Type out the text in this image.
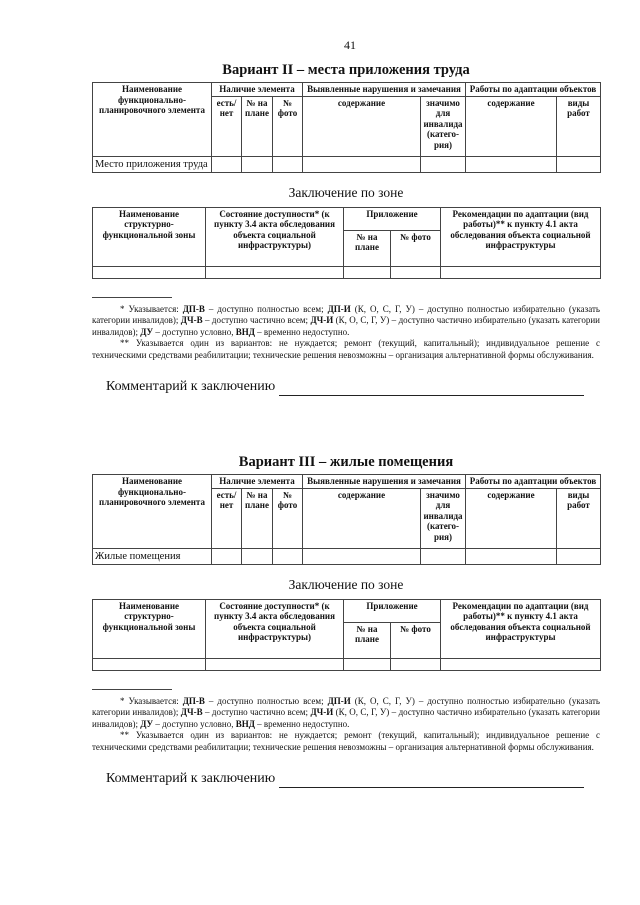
41
Вариант II – места приложения труда
Наименование функционально-планировочного элемента	Наличие элемента			Выявленные нарушения и замечания		Работы по адаптации объектов	
	есть/ нет	№ на плане	№ фото	содержание	значимо для инвалида (катего-рия)	содержание	виды работ
Место приложения труда							
Заключение по зоне
Наименование структурно-функциональной зоны	Состояние доступности* (к пункту 3.4 акта обследования объекта социальной инфраструктуры)	Приложение		Рекомендации по адаптации (вид работы)** к пункту 4.1 акта обследования объекта социальной инфраструктуры
		№ на плане	№ фото	

* Указывается: ДП-В – доступно полностью всем; ДП-И (К, О, С, Г, У) – доступно полностью избирательно (указать категории инвалидов); ДЧ-В – доступно частично всем; ДЧ-И (К, О, С, Г, У) – доступно частично избирательно (указать категории инвалидов); ДУ – доступно условно, ВНД – временно недоступно.

** Указывается один из вариантов: не нуждается; ремонт (текущий, капитальный); индивидуальное решение с техническими средствами реабилитации; технические решения невозможны – организация альтернативной формы обслуживания.

Комментарий к заключению
Вариант III – жилые помещения
Наименование функционально-планировочного элемента	Наличие элемента			Выявленные нарушения и замечания		Работы по адаптации объектов	
	есть/ нет	№ на плане	№ фото	содержание	значимо для инвалида (катего-рия)	содержание	виды работ
Жилые помещения							
Заключение по зоне
Наименование структурно-функциональной зоны	Состояние доступности* (к пункту 3.4 акта обследования объекта социальной инфраструктуры)	Приложение		Рекомендации по адаптации (вид работы)** к пункту 4.1 акта обследования объекта социальной инфраструктуры
		№ на плане	№ фото	

* Указывается: ДП-В – доступно полностью всем; ДП-И (К, О, С, Г, У) – доступно полностью избирательно (указать категории инвалидов); ДЧ-В – доступно частично всем; ДЧ-И (К, О, С, Г, У) – доступно частично избирательно (указать категории инвалидов); ДУ – доступно условно, ВНД – временно недоступно.

** Указывается один из вариантов: не нуждается; ремонт (текущий, капитальный); индивидуальное решение с техническими средствами реабилитации; технические решения невозможны – организация альтернативной формы обслуживания.

Комментарий к заключению
